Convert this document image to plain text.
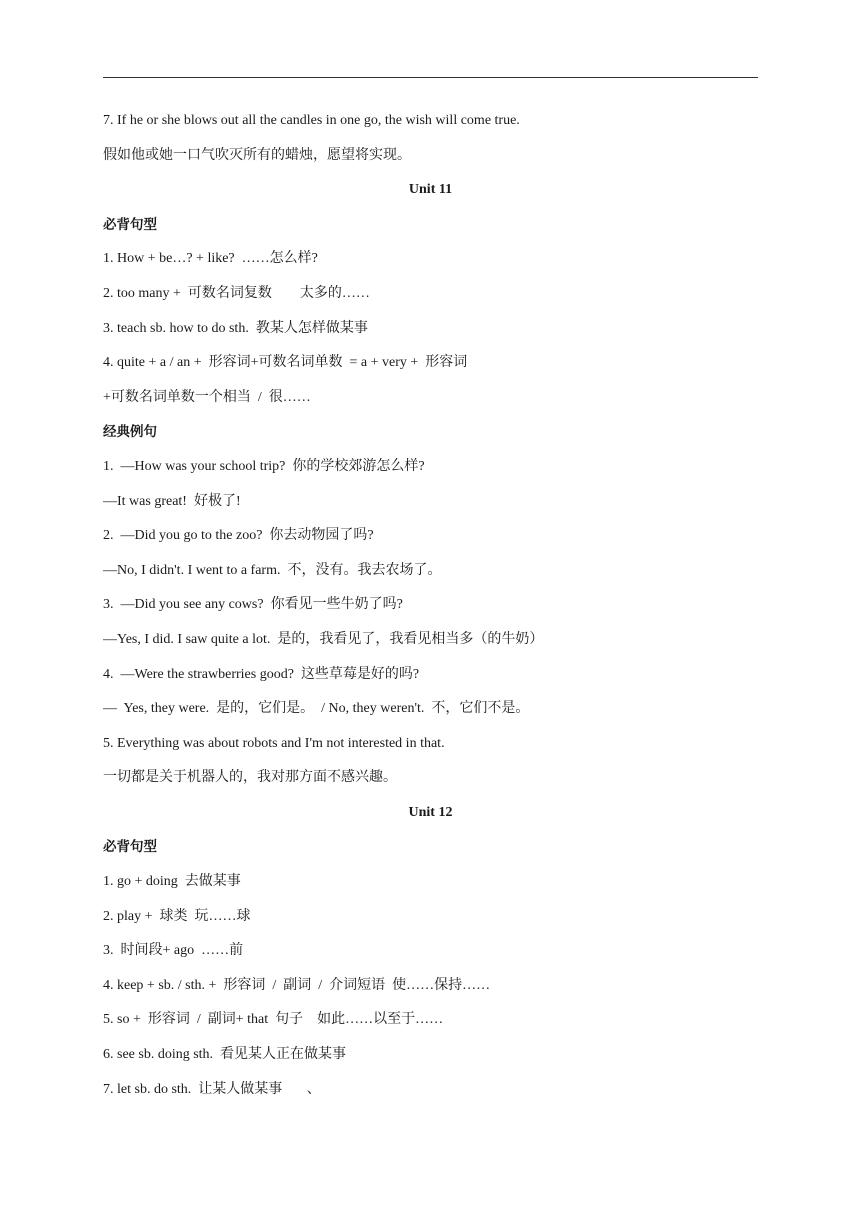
7. If he or she blows out all the candles in one go, the wish will come true.
假如他或她一口气吹灭所有的蜡烛，愿望将实现。
Unit 11
必背句型
1. How + be…? + like?  ……怎么样?
2. too many +  可数名词复数        太多的……
3. teach sb. how to do sth.  教某人怎样做某事
4. quite + a / an +  形容词+可数名词单数  = a + very +  形容词
+可数名词单数一个相当  /  很……
经典例句
1.  —How was your school trip?  你的学校郊游怎么样?
—It was great!  好极了!
2.  —Did you go to the zoo?  你去动物园了吗?
—No, I didn't. I went to a farm.  不，没有。我去农场了。
3.  —Did you see any cows?  你看见一些牛奶了吗?
—Yes, I did. I saw quite a lot.  是的，我看见了，我看见相当多（的牛奶）
4.  —Were the strawberries good?  这些草莓是好的吗?
—  Yes, they were.  是的，它们是。  / No, they weren't.  不，它们不是。
5. Everything was about robots and I'm not interested in that.
一切都是关于机器人的，我对那方面不感兴趣。
Unit 12
必背句型
1. go + doing  去做某事
2. play +  球类  玩……球
3.  时间段+ ago  ……前
4. keep + sb. / sth. +  形容词  /  副词  /  介词短语  使……保持……
5. so +  形容词  /  副词+ that  句子    如此……以至于……
6. see sb. doing sth.  看见某人正在做某事
7. let sb. do sth.  让某人做某事       、
